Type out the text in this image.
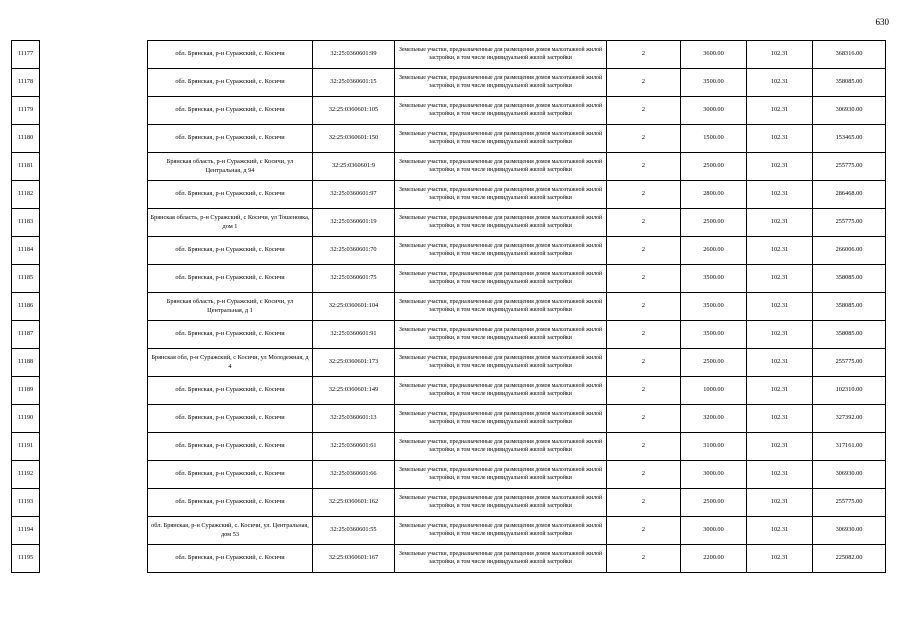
630
11177		обл. Брянская, р-н Суражский, с. Косичи	32:25:0360601:99	Земельные участки, предназначенные для размещения домов малоэтажной жилой застройки, в том числе индивидуальной жилой застройки	2	3600.00	102.31	368316.00
11178		обл. Брянская, р-н Суражский, с. Косичи	32:25:0360601:15	Земельные участки, предназначенные для размещения домов малоэтажной жилой застройки, в том числе индивидуальной жилой застройки	2	3500.00	102.31	358085.00
11179		обл. Брянская, р-н Суражский, с. Косичи	32:25:0360601:105	Земельные участки, предназначенные для размещения домов малоэтажной жилой застройки, в том числе индивидуальной жилой застройки	2	3000.00	102.31	306930.00
11180		обл. Брянская, р-н Суражский, с. Косичи	32:25:0360601:150	Земельные участки, предназначенные для размещения домов малоэтажной жилой застройки, в том числе индивидуальной жилой застройки	2	1500.00	102.31	153465.00
11181		Брянская область, р-н Суражский, с Косичи, ул Центральная, д 94	32:25:0360601:9	Земельные участки, предназначенные для размещения домов малоэтажной жилой застройки, в том числе индивидуальной жилой застройки	2	2500.00	102.31	255775.00
11182		обл. Брянская, р-н Суражский, с. Косичи	32:25:0360601:97	Земельные участки, предназначенные для размещения домов малоэтажной жилой застройки, в том числе индивидуальной жилой застройки	2	2800.00	102.31	286468.00
11183		Брянская область, р-н Суражский, с Косичи, ул Тошеновка, дом 1	32:25:0360601:19	Земельные участки, предназначенные для размещения домов малоэтажной жилой застройки, в том числе индивидуальной жилой застройки	2	2500.00	102.31	255775.00
11184		обл. Брянская, р-н Суражский, с. Косичи	32:25:0360601:70	Земельные участки, предназначенные для размещения домов малоэтажной жилой застройки, в том числе индивидуальной жилой застройки	2	2600.00	102.31	266006.00
11185		обл. Брянская, р-н Суражский, с. Косичи	32:25:0360601:75	Земельные участки, предназначенные для размещения домов малоэтажной жилой застройки, в том числе индивидуальной жилой застройки	2	3500.00	102.31	358085.00
11186		Брянская область, р-н Суражский, с Косичи, ул Центральная, д 1	32:25:0360601:104	Земельные участки, предназначенные для размещения домов малоэтажной жилой застройки, в том числе индивидуальной жилой застройки	2	3500.00	102.31	358085.00
11187		обл. Брянская, р-н Суражский, с. Косичи	32:25:0360601:91	Земельные участки, предназначенные для размещения домов малоэтажной жилой застройки, в том числе индивидуальной жилой застройки	2	3500.00	102.31	358085.00
11188		Брянская обл, р-н Суражский, с Косичи, ул Молодежная, д 4	32:25:0360601:173	Земельные участки, предназначенные для размещения домов малоэтажной жилой застройки, в том числе индивидуальной жилой застройки	2	2500.00	102.31	255775.00
11189		обл. Брянская, р-н Суражский, с. Косичи	32:25:0360601:149	Земельные участки, предназначенные для размещения домов малоэтажной жилой застройки, в том числе индивидуальной жилой застройки	2	1000.00	102.31	102310.00
11190		обл. Брянская, р-н Суражский, с. Косичи	32:25:0360601:13	Земельные участки, предназначенные для размещения домов малоэтажной жилой застройки, в том числе индивидуальной жилой застройки	2	3200.00	102.31	327392.00
11191		обл. Брянская, р-н Суражский, с. Косичи	32:25:0360601:61	Земельные участки, предназначенные для размещения домов малоэтажной жилой застройки, в том числе индивидуальной жилой застройки	2	3100.00	102.31	317161.00
11192		обл. Брянская, р-н Суражский, с. Косичи	32:25:0360601:66	Земельные участки, предназначенные для размещения домов малоэтажной жилой застройки, в том числе индивидуальной жилой застройки	2	3000.00	102.31	306930.00
11193		обл. Брянская, р-н Суражский, с. Косичи	32:25:0360601:162	Земельные участки, предназначенные для размещения домов малоэтажной жилой застройки, в том числе индивидуальной жилой застройки	2	2500.00	102.31	255775.00
11194		обл. Брянская, р-н Суражский, с. Косичи, ул. Центральная, дом 53	32:25:0360601:55	Земельные участки, предназначенные для размещения домов малоэтажной жилой застройки, в том числе индивидуальной жилой застройки	2	3000.00	102.31	306930.00
11195		обл. Брянская, р-н Суражский, с. Косичи	32:25:0360601:167	Земельные участки, предназначенные для размещения домов малоэтажной жилой застройки, в том числе индивидуальной жилой застройки	2	2200.00	102.31	225082.00
